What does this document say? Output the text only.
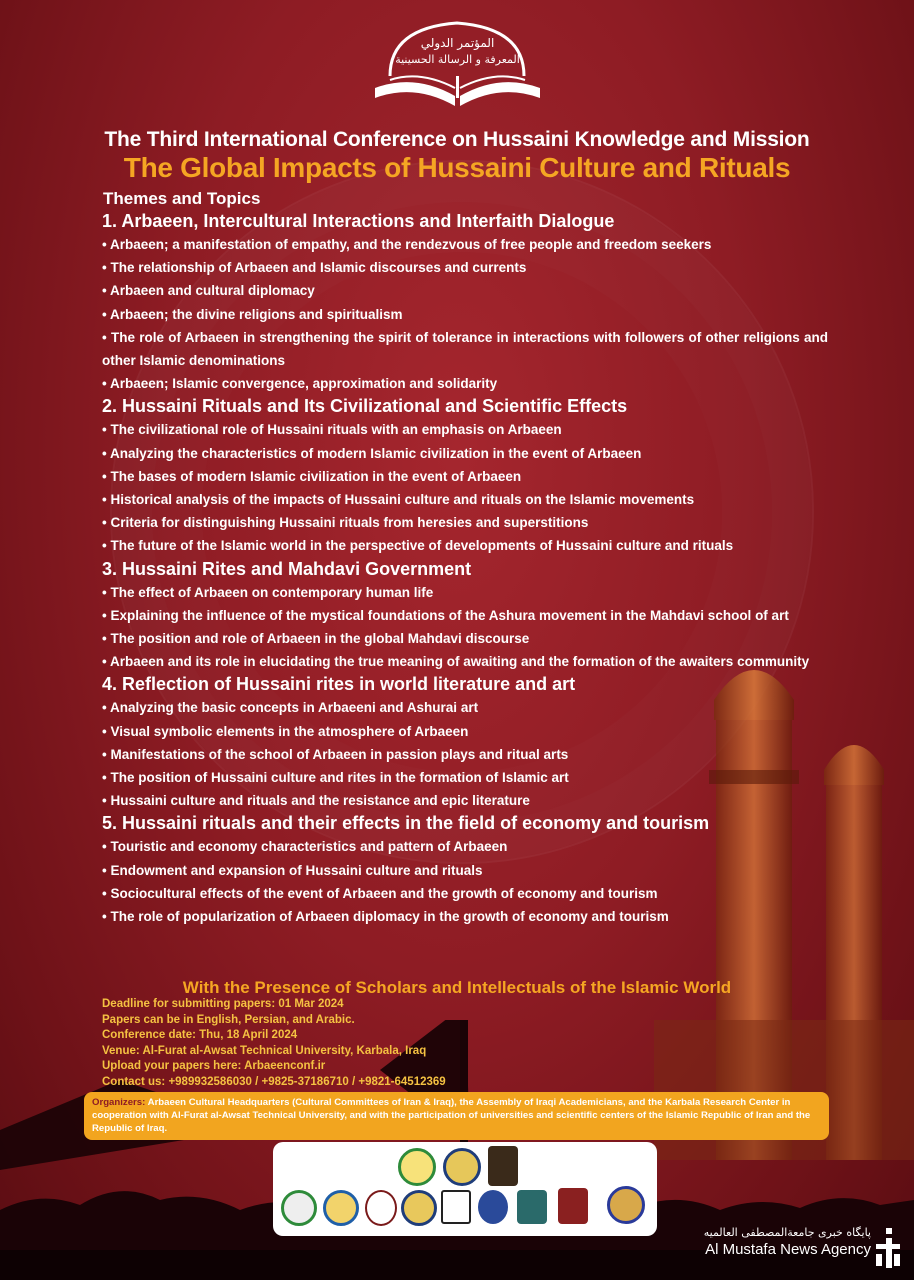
المؤتمر الدولي
المعرفة و الرسالة الحسينية
The Third International Conference on Hussaini Knowledge and Mission
The Global Impacts of Hussaini Culture and Rituals
Themes and Topics

1. Arbaeen, Intercultural Interactions and Interfaith Dialogue

• Arbaeen; a manifestation of empathy, and the rendezvous of free people and freedom seekers

• The relationship of Arbaeen and Islamic discourses and currents

• Arbaeen and cultural diplomacy

• Arbaeen; the divine religions and spiritualism

• The role of Arbaeen in strengthening the spirit of tolerance in interactions with followers of other religions and other Islamic denominations

• Arbaeen; Islamic convergence, approximation and solidarity

2. Hussaini Rituals and Its Civilizational and Scientific Effects

• The civilizational role of Hussaini rituals with an emphasis on Arbaeen

• Analyzing the characteristics of modern Islamic civilization in the event of Arbaeen

• The bases of modern Islamic civilization in the event of Arbaeen

• Historical analysis of the impacts of Hussaini culture and rituals on the Islamic movements

• Criteria for distinguishing Hussaini rituals from heresies and superstitions

• The future of the Islamic world in the perspective of developments of Hussaini culture and rituals

3. Hussaini Rites and Mahdavi Government

• The effect of Arbaeen on contemporary human life

• Explaining the influence of the mystical foundations of the Ashura movement in the Mahdavi school of art

• The position and role of Arbaeen in the global Mahdavi discourse

• Arbaeen and its role in elucidating the true meaning of awaiting and the formation of the awaiters community

4. Reflection of Hussaini rites in world literature and art

• Analyzing the basic concepts in Arbaeeni and Ashurai art

• Visual symbolic elements in the atmosphere of Arbaeen

• Manifestations of the school of Arbaeen in passion plays and ritual arts

• The position of Hussaini culture and rites in the formation of Islamic art

• Hussaini culture and rituals and the resistance and epic literature

5. Hussaini rituals and their effects in the field of economy and tourism

• Touristic and economy characteristics and pattern of Arbaeen

• Endowment and expansion of Hussaini culture and rituals

• Sociocultural effects of the event of Arbaeen and the growth of economy and tourism

• The role of popularization of Arbaeen diplomacy in the growth of economy and tourism

With the Presence of Scholars and Intellectuals of the Islamic World
Deadline for submitting papers: 01 Mar 2024
Papers can be in English, Persian, and Arabic.
Conference date: Thu, 18 April 2024
Venue: Al-Furat al-Awsat Technical University, Karbala, Iraq
Upload your papers here: Arbaeenconf.ir
Contact us: +989932586030 / +9825-37186710 / +9821-64512369
Organizers: Arbaeen Cultural Headquarters (Cultural Committees of Iran & Iraq), the Assembly of Iraqi Academicians, and the Karbala Research Center in cooperation with Al-Furat al-Awsat Technical University, and with the participation of universities and scientific centers of the Islamic Republic of Iran and the Republic of Iraq.
پایگاه خبری جامعةالمصطفی العالمیه
Al Mustafa News Agency
